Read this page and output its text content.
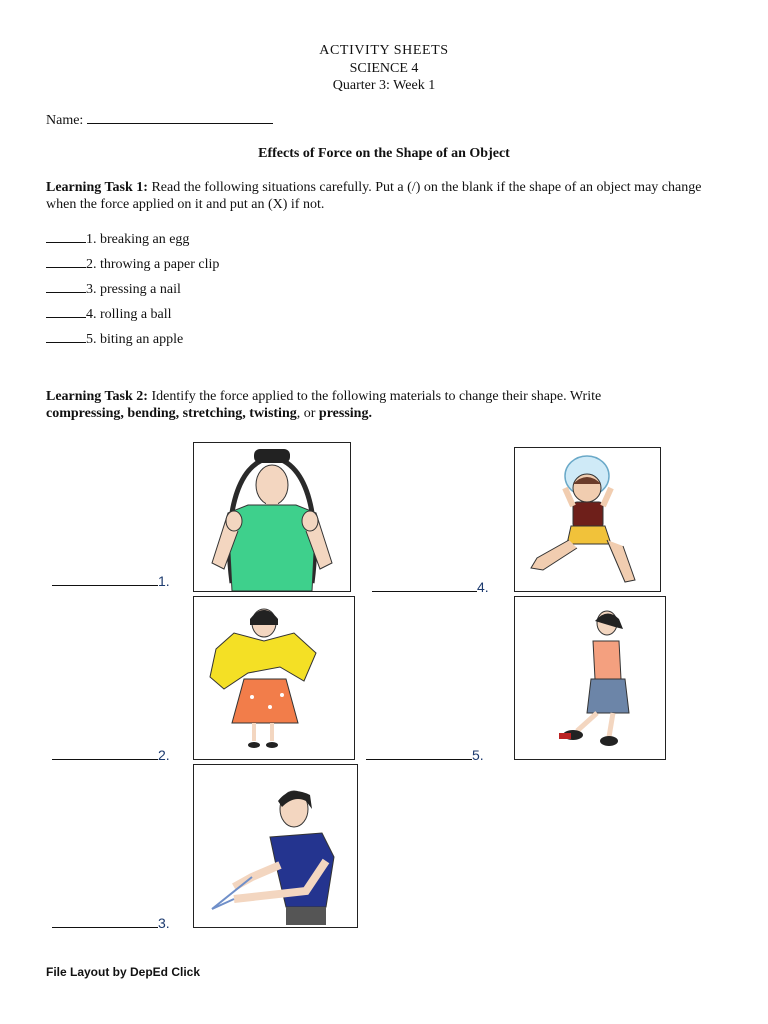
ACTIVITY SHEETS
SCIENCE 4
Quarter 3: Week 1
Name:
Effects of Force on the Shape of an Object
Learning Task 1: Read the following situations carefully. Put a (/) on the blank if the shape of an object may change when the force applied on it and put an (X) if not.
1. breaking an egg
2. throwing a paper clip
3. pressing a nail
4. rolling a ball
5. biting an apple
Learning Task 2: Identify the force applied to the following materials to change their shape. Write
compressing, bending, stretching, twisting, or pressing.
1.
2.
3.
4.
5.
File Layout by DepEd Click
